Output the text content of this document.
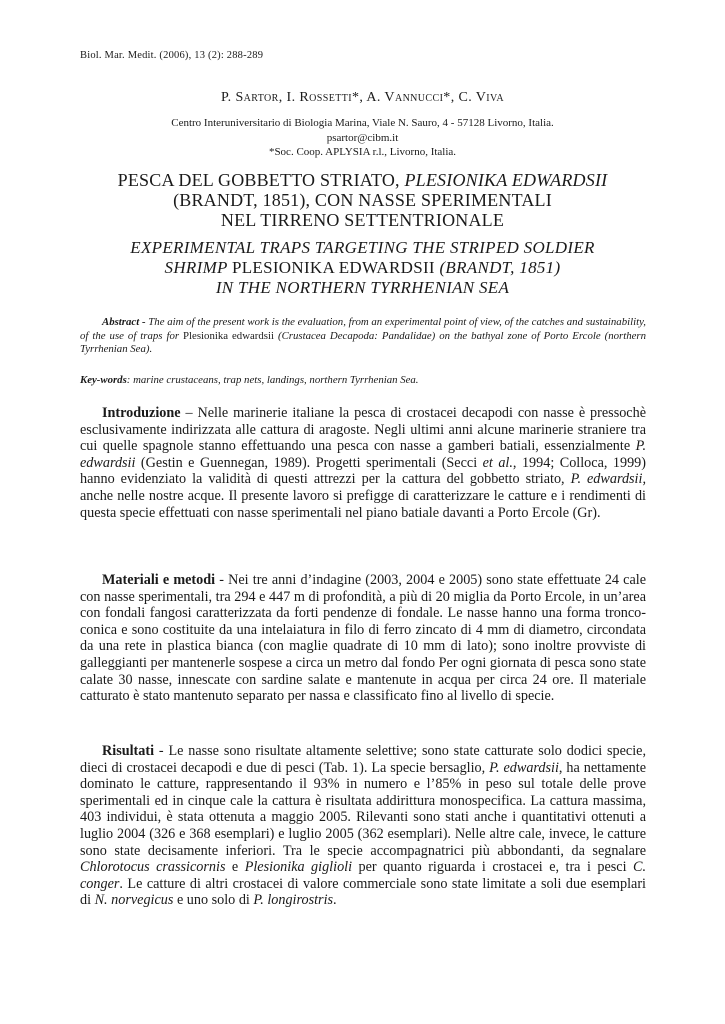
Biol. Mar. Medit. (2006), 13 (2): 288-289
P. Sartor, I. Rossetti*, A. Vannucci*, C. Viva
Centro Interuniversitario di Biologia Marina, Viale N. Sauro, 4 - 57128 Livorno, Italia.
psartor@cibm.it
*Soc. Coop. APLYSIA r.l., Livorno, Italia.
PESCA DEL GOBBETTO STRIATO, PLESIONIKA EDWARDSII
(BRANDT, 1851), CON NASSE SPERIMENTALI
NEL TIRRENO SETTENTRIONALE
EXPERIMENTAL TRAPS TARGETING THE STRIPED SOLDIER
SHRIMP PLESIONIKA EDWARDSII (BRANDT, 1851)
IN THE NORTHERN TYRRHENIAN SEA
Abstract - The aim of the present work is the evaluation, from an experimental point of view, of the catches and sustainability, of the use of traps for Plesionika edwardsii (Crustacea Decapoda: Pandalidae) on the bathyal zone of Porto Ercole (northern Tyrrhenian Sea).
Key-words: marine crustaceans, trap nets, landings, northern Tyrrhenian Sea.

Introduzione – Nelle marinerie italiane la pesca di crostacei decapodi con nasse è pressochè esclusivamente indirizzata alle cattura di aragoste. Negli ultimi anni alcune marinerie straniere tra cui quelle spagnole stanno effettuando una pesca con nasse a gamberi batiali, essenzialmente P. edwardsii (Gestin e Guennegan, 1989). Progetti sperimentali (Secci et al., 1994; Colloca, 1999) hanno evidenziato la validità di questi attrezzi per la cattura del gobbetto striato, P. edwardsii, anche nelle nostre acque. Il presente lavoro si prefigge di caratterizzare le catture e i rendimenti di questa specie effettuati con nasse sperimentali nel piano batiale davanti a Porto Ercole (Gr).

Materiali e metodi - Nei tre anni d’indagine (2003, 2004 e 2005) sono state effettuate 24 cale con nasse sperimentali, tra 294 e 447 m di profondità, a più di 20 miglia da Porto Ercole, in un’area con fondali fangosi caratterizzata da forti pendenze di fondale. Le nasse hanno una forma tronco-conica e sono costituite da una intelaiatura in filo di ferro zincato di 4 mm di diametro, circondata da una rete in plastica bianca (con maglie quadrate di 10 mm di lato); sono inoltre provviste di galleggianti per mantenerle sospese a circa un metro dal fondo Per ogni giornata di pesca sono state calate 30 nasse, innescate con sardine salate e mantenute in acqua per circa 24 ore. Il materiale catturato è stato mantenuto separato per nassa e classificato fino al livello di specie.

Risultati - Le nasse sono risultate altamente selettive; sono state catturate solo dodici specie, dieci di crostacei decapodi e due di pesci (Tab. 1). La specie bersaglio, P. edwardsii, ha nettamente dominato le catture, rappresentando il 93% in numero e l’85% in peso sul totale delle prove sperimentali ed in cinque cale la cattura è risultata addirittura monospecifica. La cattura massima, 403 individui, è stata ottenuta a maggio 2005. Rilevanti sono stati anche i quantitativi ottenuti a luglio 2004 (326 e 368 esemplari) e luglio 2005 (362 esemplari). Nelle altre cale, invece, le catture sono state decisamente inferiori. Tra le specie accompagnatrici più abbondanti, da segnalare Chlorotocus crassicornis e Plesionika giglioli per quanto riguarda i crostacei e, tra i pesci C. conger. Le catture di altri crostacei di valore commerciale sono state limitate a soli due esemplari di N. norvegicus e uno solo di P. longirostris.
